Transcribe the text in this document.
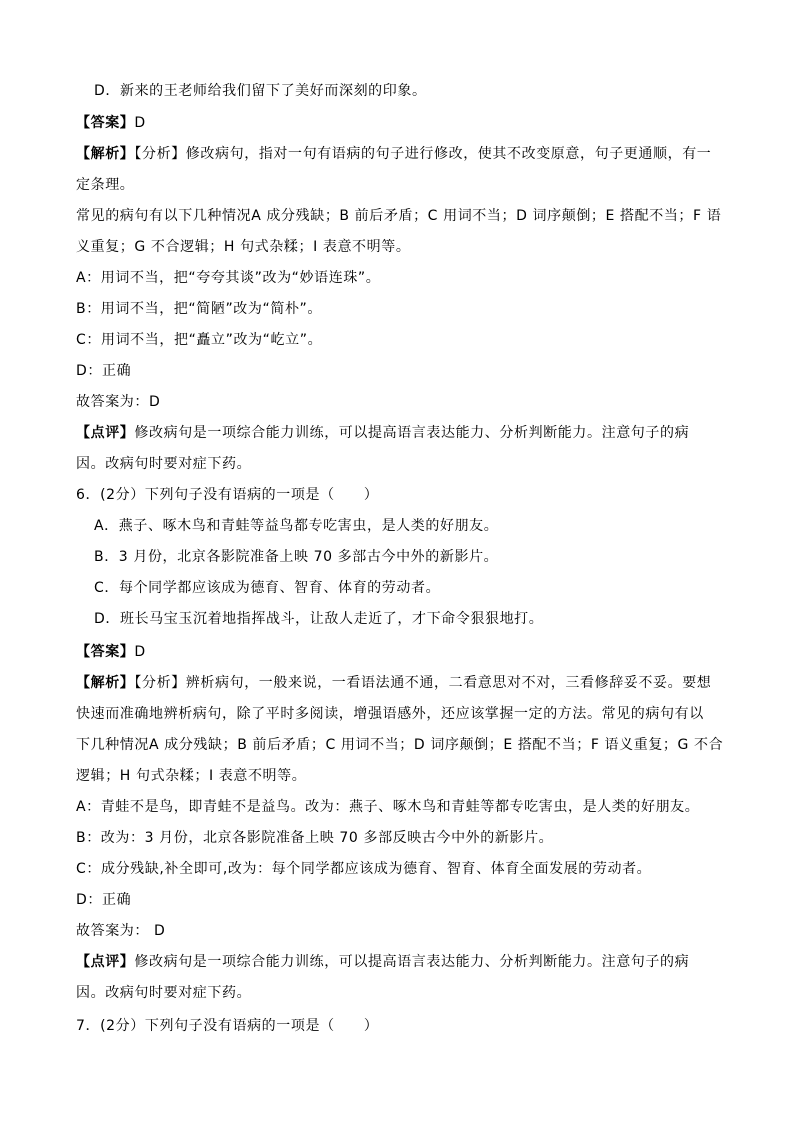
D．新来的王老师给我们留下了美好而深刻的印象。
【答案】D
【解析】【分析】修改病句，指对一句有语病的句子进行修改，使其不改变原意，句子更通顺，有一
定条理。
常见的病句有以下几种情况A 成分残缺；B 前后矛盾；C 用词不当；D 词序颠倒；E 搭配不当；F 语
义重复；G 不合逻辑；H 句式杂糅；I 表意不明等。
A：用词不当，把“夸夸其谈”改为“妙语连珠”。
B：用词不当，把“简陋”改为“简朴”。
C：用词不当，把“矗立”改为“屹立”。
D：正确
故答案为：D
【点评】修改病句是一项综合能力训练，可以提高语言表达能力、分析判断能力。注意句子的病
因。改病句时要对症下药。
6．(2分）下列句子没有语病的一项是（　　）
A．燕子、啄木鸟和青蛙等益鸟都专吃害虫，是人类的好朋友。
B．3 月份，北京各影院准备上映 70 多部古今中外的新影片。
C．每个同学都应该成为德育、智育、体育的劳动者。
D．班长马宝玉沉着地指挥战斗，让敌人走近了，才下命令狠狠地打。
【答案】D
【解析】【分析】辨析病句，一般来说，一看语法通不通，二看意思对不对，三看修辞妥不妥。要想
快速而准确地辨析病句，除了平时多阅读，增强语感外，还应该掌握一定的方法。常见的病句有以
下几种情况A 成分残缺；B 前后矛盾；C 用词不当；D 词序颠倒；E 搭配不当；F 语义重复；G 不合
逻辑；H 句式杂糅；I 表意不明等。
A：青蛙不是鸟，即青蛙不是益鸟。改为：燕子、啄木鸟和青蛙等都专吃害虫，是人类的好朋友。
B：改为：3 月份，北京各影院准备上映 70 多部反映古今中外的新影片。
C：成分残缺,补全即可,改为：每个同学都应该成为德育、智育、体育全面发展的劳动者。
D：正确
故答案为： D
【点评】修改病句是一项综合能力训练，可以提高语言表达能力、分析判断能力。注意句子的病
因。改病句时要对症下药。
7．(2分）下列句子没有语病的一项是（　　）
